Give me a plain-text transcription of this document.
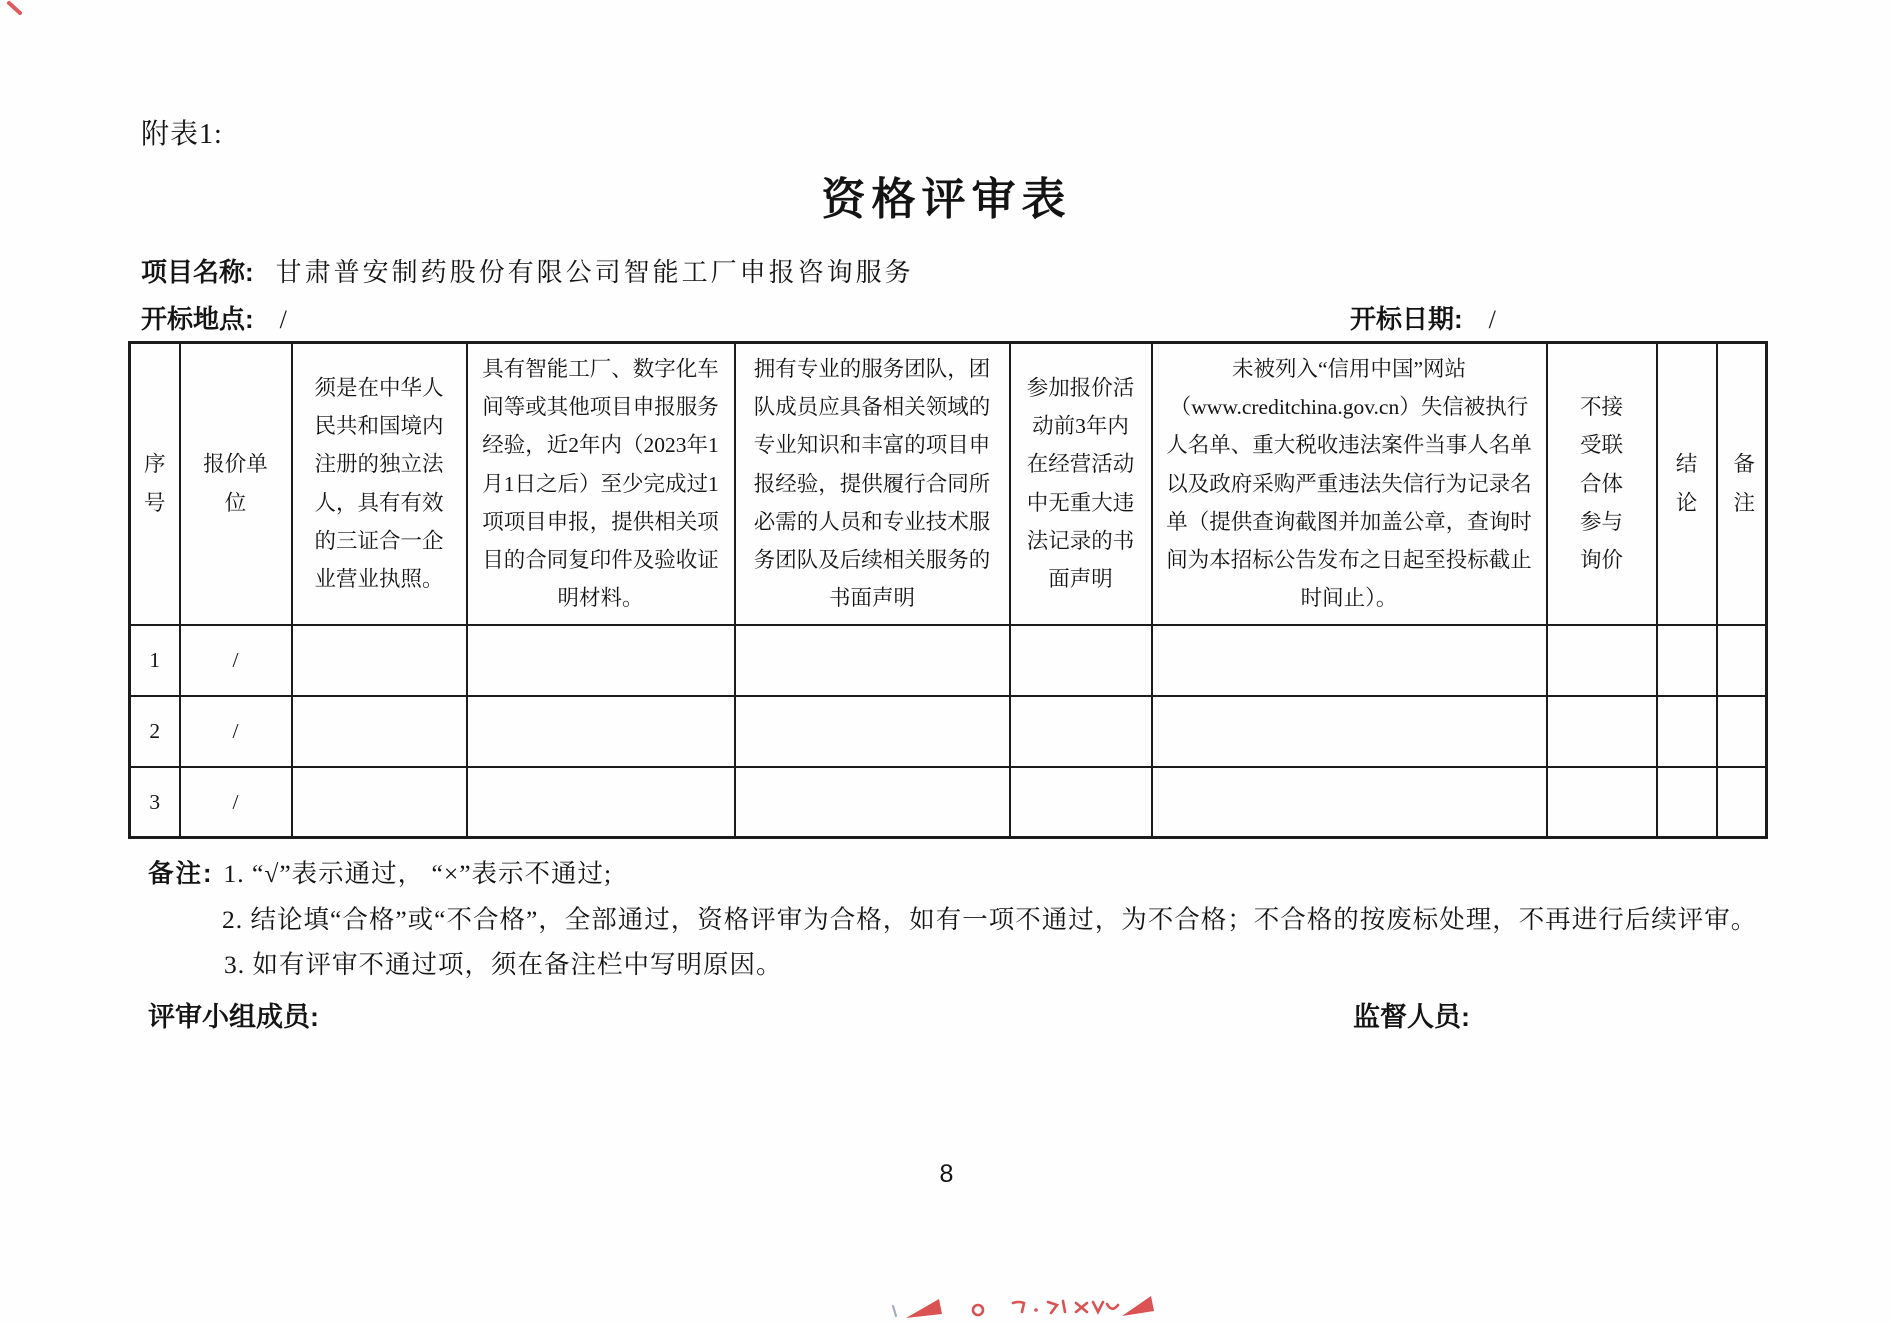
附表1:
资格评审表
项目名称: 甘肃普安制药股份有限公司智能工厂申报咨询服务
开标地点: /	开标日期: /
序号	报价单位	须是在中华人民共和国境内注册的独立法人，具有有效的三证合一企业营业执照。	具有智能工厂、数字化车间等或其他项目申报服务经验，近2年内（2023年1月1日之后）至少完成过1项项目申报，提供相关项目的合同复印件及验收证明材料。	拥有专业的服务团队，团队成员应具备相关领域的专业知识和丰富的项目申报经验，提供履行合同所必需的人员和专业技术服务团队及后续相关服务的书面声明	参加报价活动前3年内在经营活动中无重大违法记录的书面声明	未被列入“信用中国”网站（www.creditchina.gov.cn）失信被执行人名单、重大税收违法案件当事人名单以及政府采购严重违法失信行为记录名单（提供查询截图并加盖公章，查询时间为本招标公告发布之日起至投标截止时间止）。	不接受联合体参与询价	结论	备注
1	/								
2	/								
3	/								
备注: 1. “√”表示通过， “×”表示不通过;
2. 结论填“合格”或“不合格”，全部通过，资格评审为合格，如有一项不通过，为不合格；不合格的按废标处理，不再进行后续评审。
3. 如有评审不通过项，须在备注栏中写明原因。
评审小组成员:	监督人员:
8
